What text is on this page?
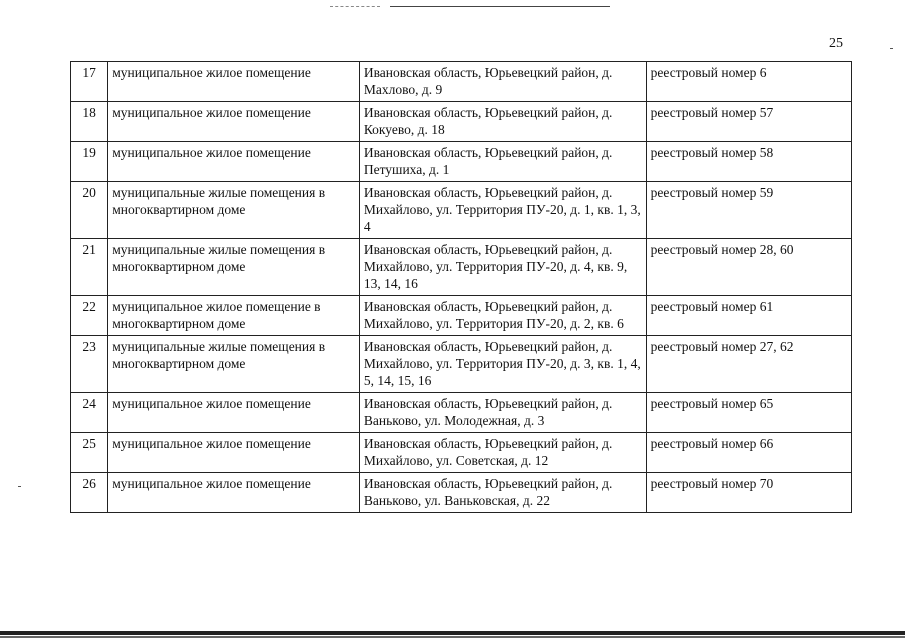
25
17	муниципальное жилое помещение	Ивановская область, Юрьевецкий район, д. Махлово, д. 9	реестровый номер 6
18	муниципальное жилое помещение	Ивановская область, Юрьевецкий район, д. Кокуево, д. 18	реестровый номер 57
19	муниципальное жилое помещение	Ивановская область, Юрьевецкий район, д. Петушиха, д. 1	реестровый номер 58
20	муниципальные жилые помещения в многоквартирном доме	Ивановская область, Юрьевецкий район, д. Михайлово, ул. Территория ПУ-20, д. 1, кв. 1, 3, 4	реестровый номер 59
21	муниципальные жилые помещения в многоквартирном доме	Ивановская область, Юрьевецкий район, д. Михайлово, ул. Территория ПУ-20, д. 4, кв. 9, 13, 14, 16	реестровый номер 28, 60
22	муниципальное жилое помещение в многоквартирном доме	Ивановская область, Юрьевецкий район, д. Михайлово, ул. Территория ПУ-20, д. 2, кв. 6	реестровый номер 61
23	муниципальные жилые помещения в многоквартирном доме	Ивановская область, Юрьевецкий район, д. Михайлово, ул. Территория ПУ-20, д. 3, кв. 1, 4, 5, 14, 15, 16	реестровый номер 27, 62
24	муниципальное жилое помещение	Ивановская область, Юрьевецкий район, д. Ваньково, ул. Молодежная, д. 3	реестровый номер 65
25	муниципальное жилое помещение	Ивановская область, Юрьевецкий район, д. Михайлово, ул. Советская, д. 12	реестровый номер 66
26	муниципальное жилое помещение	Ивановская область, Юрьевецкий район, д. Ваньково, ул. Ваньковская, д. 22	реестровый номер 70
